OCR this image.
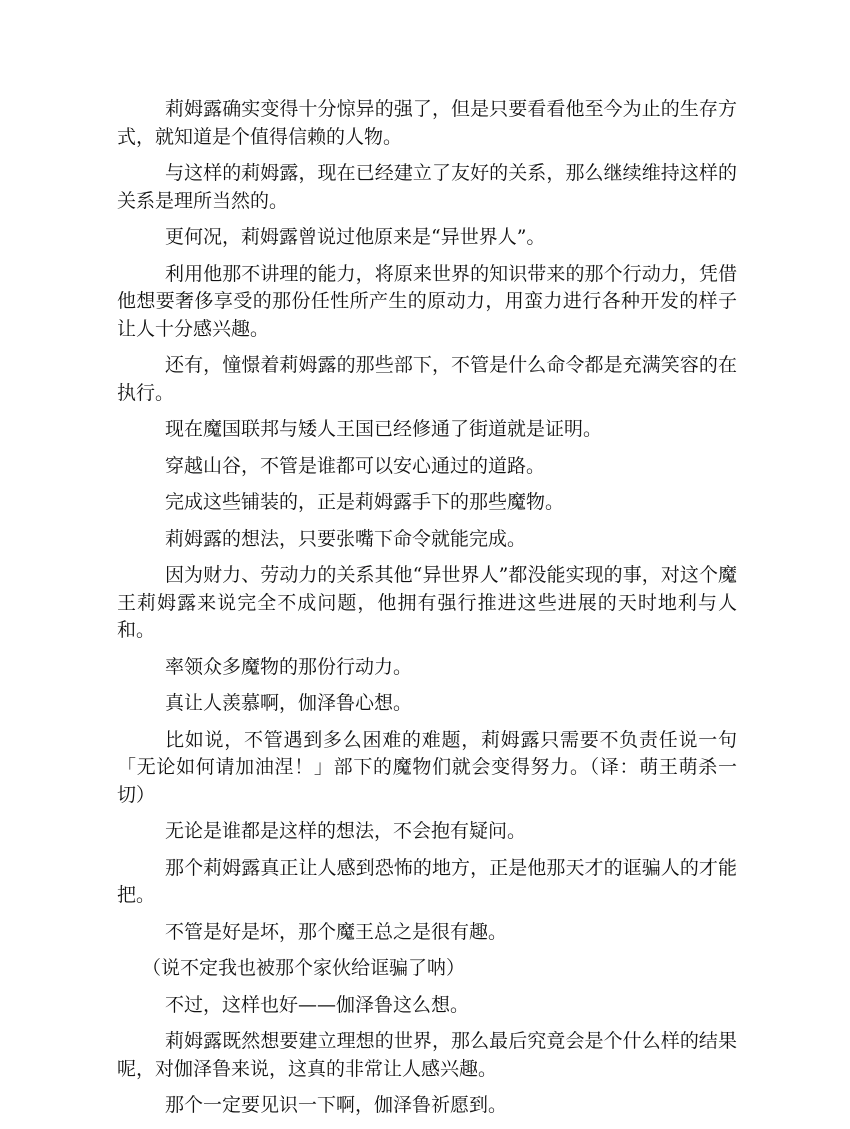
莉姆露确实变得十分惊异的强了，但是只要看看他至今为止的生存方式，就知道是个值得信赖的人物。

与这样的莉姆露，现在已经建立了友好的关系，那么继续维持这样的关系是理所当然的。

更何况，莉姆露曾说过他原来是“异世界人”。

利用他那不讲理的能力，将原来世界的知识带来的那个行动力，凭借他想要奢侈享受的那份任性所产生的原动力，用蛮力进行各种开发的样子让人十分感兴趣。

还有，憧憬着莉姆露的那些部下，不管是什么命令都是充满笑容的在执行。

现在魔国联邦与矮人王国已经修通了街道就是证明。

穿越山谷，不管是谁都可以安心通过的道路。

完成这些铺装的，正是莉姆露手下的那些魔物。

莉姆露的想法，只要张嘴下命令就能完成。

因为财力、劳动力的关系其他“异世界人”都没能实现的事，对这个魔王莉姆露来说完全不成问题，他拥有强行推进这些进展的天时地利与人和。

率领众多魔物的那份行动力。

真让人羡慕啊，伽泽鲁心想。

比如说，不管遇到多么困难的难题，莉姆露只需要不负责任说一句「无论如何请加油涅！」部下的魔物们就会变得努力。（译：萌王萌杀一切）

无论是谁都是这样的想法，不会抱有疑问。

那个莉姆露真正让人感到恐怖的地方，正是他那天才的诓骗人的才能把。

不管是好是坏，那个魔王总之是很有趣。

（说不定我也被那个家伙给诓骗了呐）

不过，这样也好——伽泽鲁这么想。

莉姆露既然想要建立理想的世界，那么最后究竟会是个什么样的结果呢，对伽泽鲁来说，这真的非常让人感兴趣。

那个一定要见识一下啊，伽泽鲁祈愿到。
